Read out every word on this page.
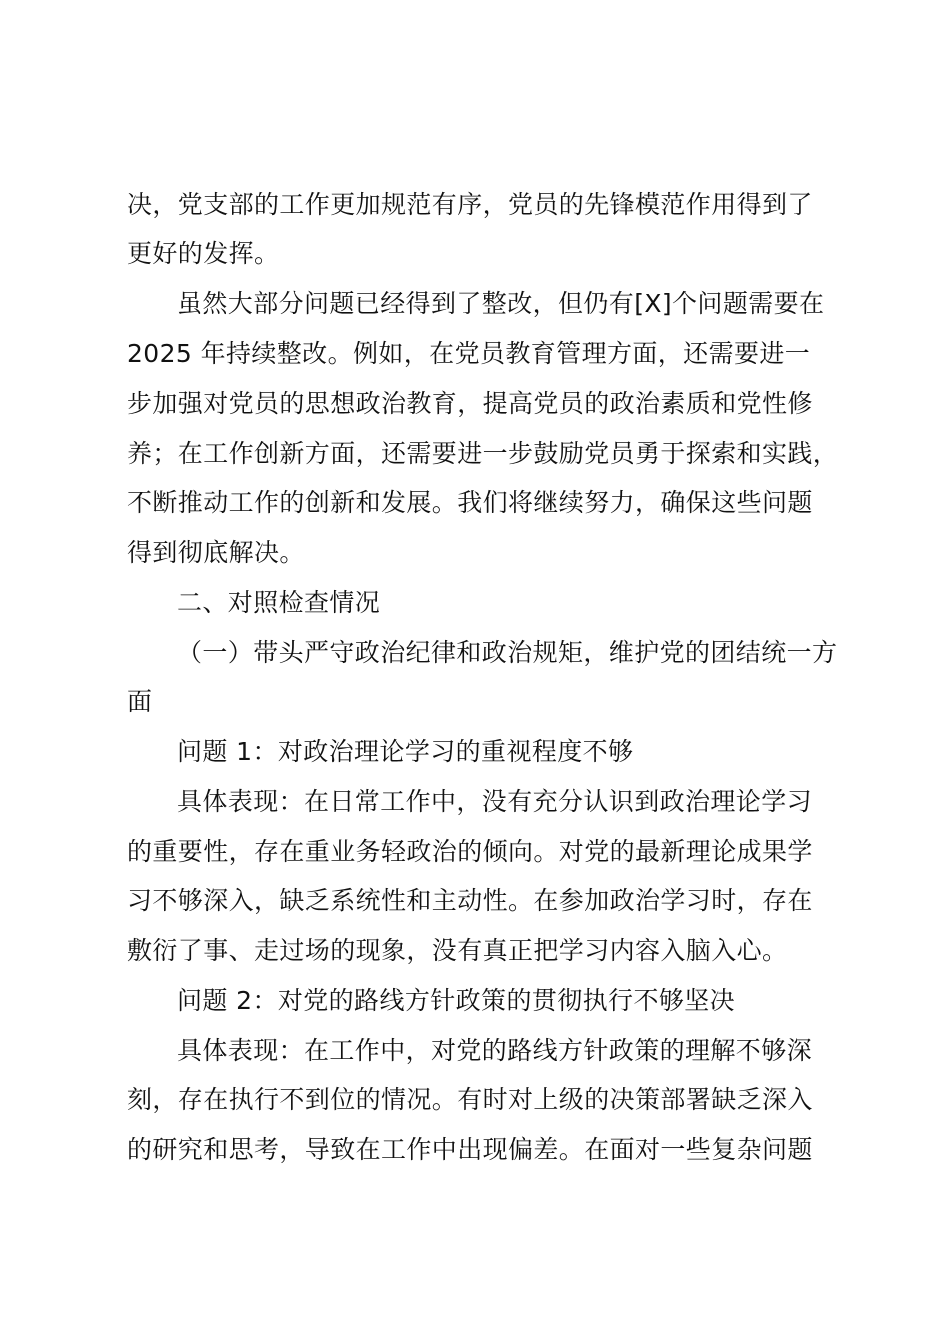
决，党支部的工作更加规范有序，党员的先锋模范作用得到了
更好的发挥。
虽然大部分问题已经得到了整改，但仍有[X]个问题需要在
2025 年持续整改。例如，在党员教育管理方面，还需要进一
步加强对党员的思想政治教育，提高党员的政治素质和党性修
养；在工作创新方面，还需要进一步鼓励党员勇于探索和实践，
不断推动工作的创新和发展。我们将继续努力，确保这些问题
得到彻底解决。
二、对照检查情况
（一）带头严守政治纪律和政治规矩，维护党的团结统一方
面
问题 1：对政治理论学习的重视程度不够
具体表现：在日常工作中，没有充分认识到政治理论学习
的重要性，存在重业务轻政治的倾向。对党的最新理论成果学
习不够深入，缺乏系统性和主动性。在参加政治学习时，存在
敷衍了事、走过场的现象，没有真正把学习内容入脑入心。
问题 2：对党的路线方针政策的贯彻执行不够坚决
具体表现：在工作中，对党的路线方针政策的理解不够深
刻，存在执行不到位的情况。有时对上级的决策部署缺乏深入
的研究和思考，导致在工作中出现偏差。在面对一些复杂问题
